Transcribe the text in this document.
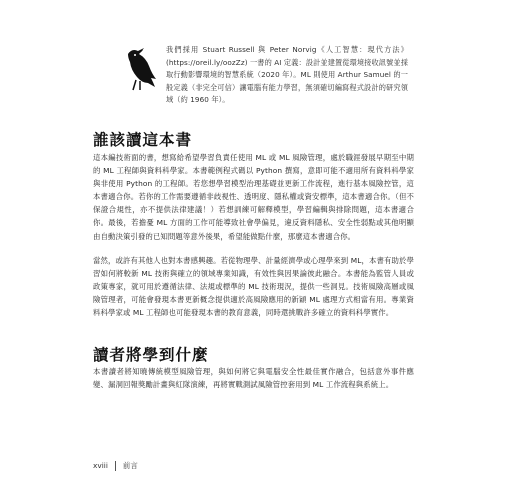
我們採用 Stuart Russell 與 Peter Norvig《人工智慧：現代方法》(https://oreil.ly/oozZz) 一書的 AI 定義：設計並建置從環境接收訊號並採取行動影響環境的智慧系統（2020 年）。ML 則使用 Arthur Samuel 的一般定義（非完全可信）讓電腦有能力學習，無須確切編寫程式設計的研究領域（約 1960 年）。
誰該讀這本書

這本編技術面的書，想寫給希望學習負責任使用 ML 或 ML 風險管理，處於職涯發展早期至中期的 ML 工程師與資料科學家。本書範例程式碼以 Python 撰寫，意即可能不適用所有資料科學家與非使用 Python 的工程師。若您想學習模型治理基礎並更新工作流程，進行基本風險控管，這本書適合你。若你的工作需要遵循非歧視性、透明度、隱私權或資安標準，這本書適合你。（但不保證合規性，亦不提供法律建議！）若想訓練可解釋模型，學習編輯與排除問題，這本書適合你。最後，若擔憂 ML 方面的工作可能導致社會學偏見，違反資料隱私、安全性弱點或其他明顯由自動決策引發的已知問題等意外後果，希望能做點什麼，那麼這本書適合你。

當然，或許有其他人也對本書感興趣。若從物理學、計量經濟學或心理學來到 ML，本書有助於學習如何將較新 ML 技術與確立的領域專業知識，有效性與因果論彼此融合。本書能為監管人員或政策專家，就可用於遵循法律、法規或標準的 ML 技術現況，提供一些洞見。技術風險高層或風險管理者，可能會發現本書更新概念提供適於高風險應用的新穎 ML 處理方式相當有用。專業資料科學家或 ML 工程師也可能發現本書的教育意義，同時還挑戰許多確立的資料科學實作。

讀者將學到什麼

本書讀者將知曉傳統模型風險管理，與如何將它與電腦安全性最佳實作融合，包括意外事件應變、漏洞回報獎勵計畫與紅隊演練，再將實戰測試風險管控套用到 ML 工作流程與系統上。

xviii 前言
